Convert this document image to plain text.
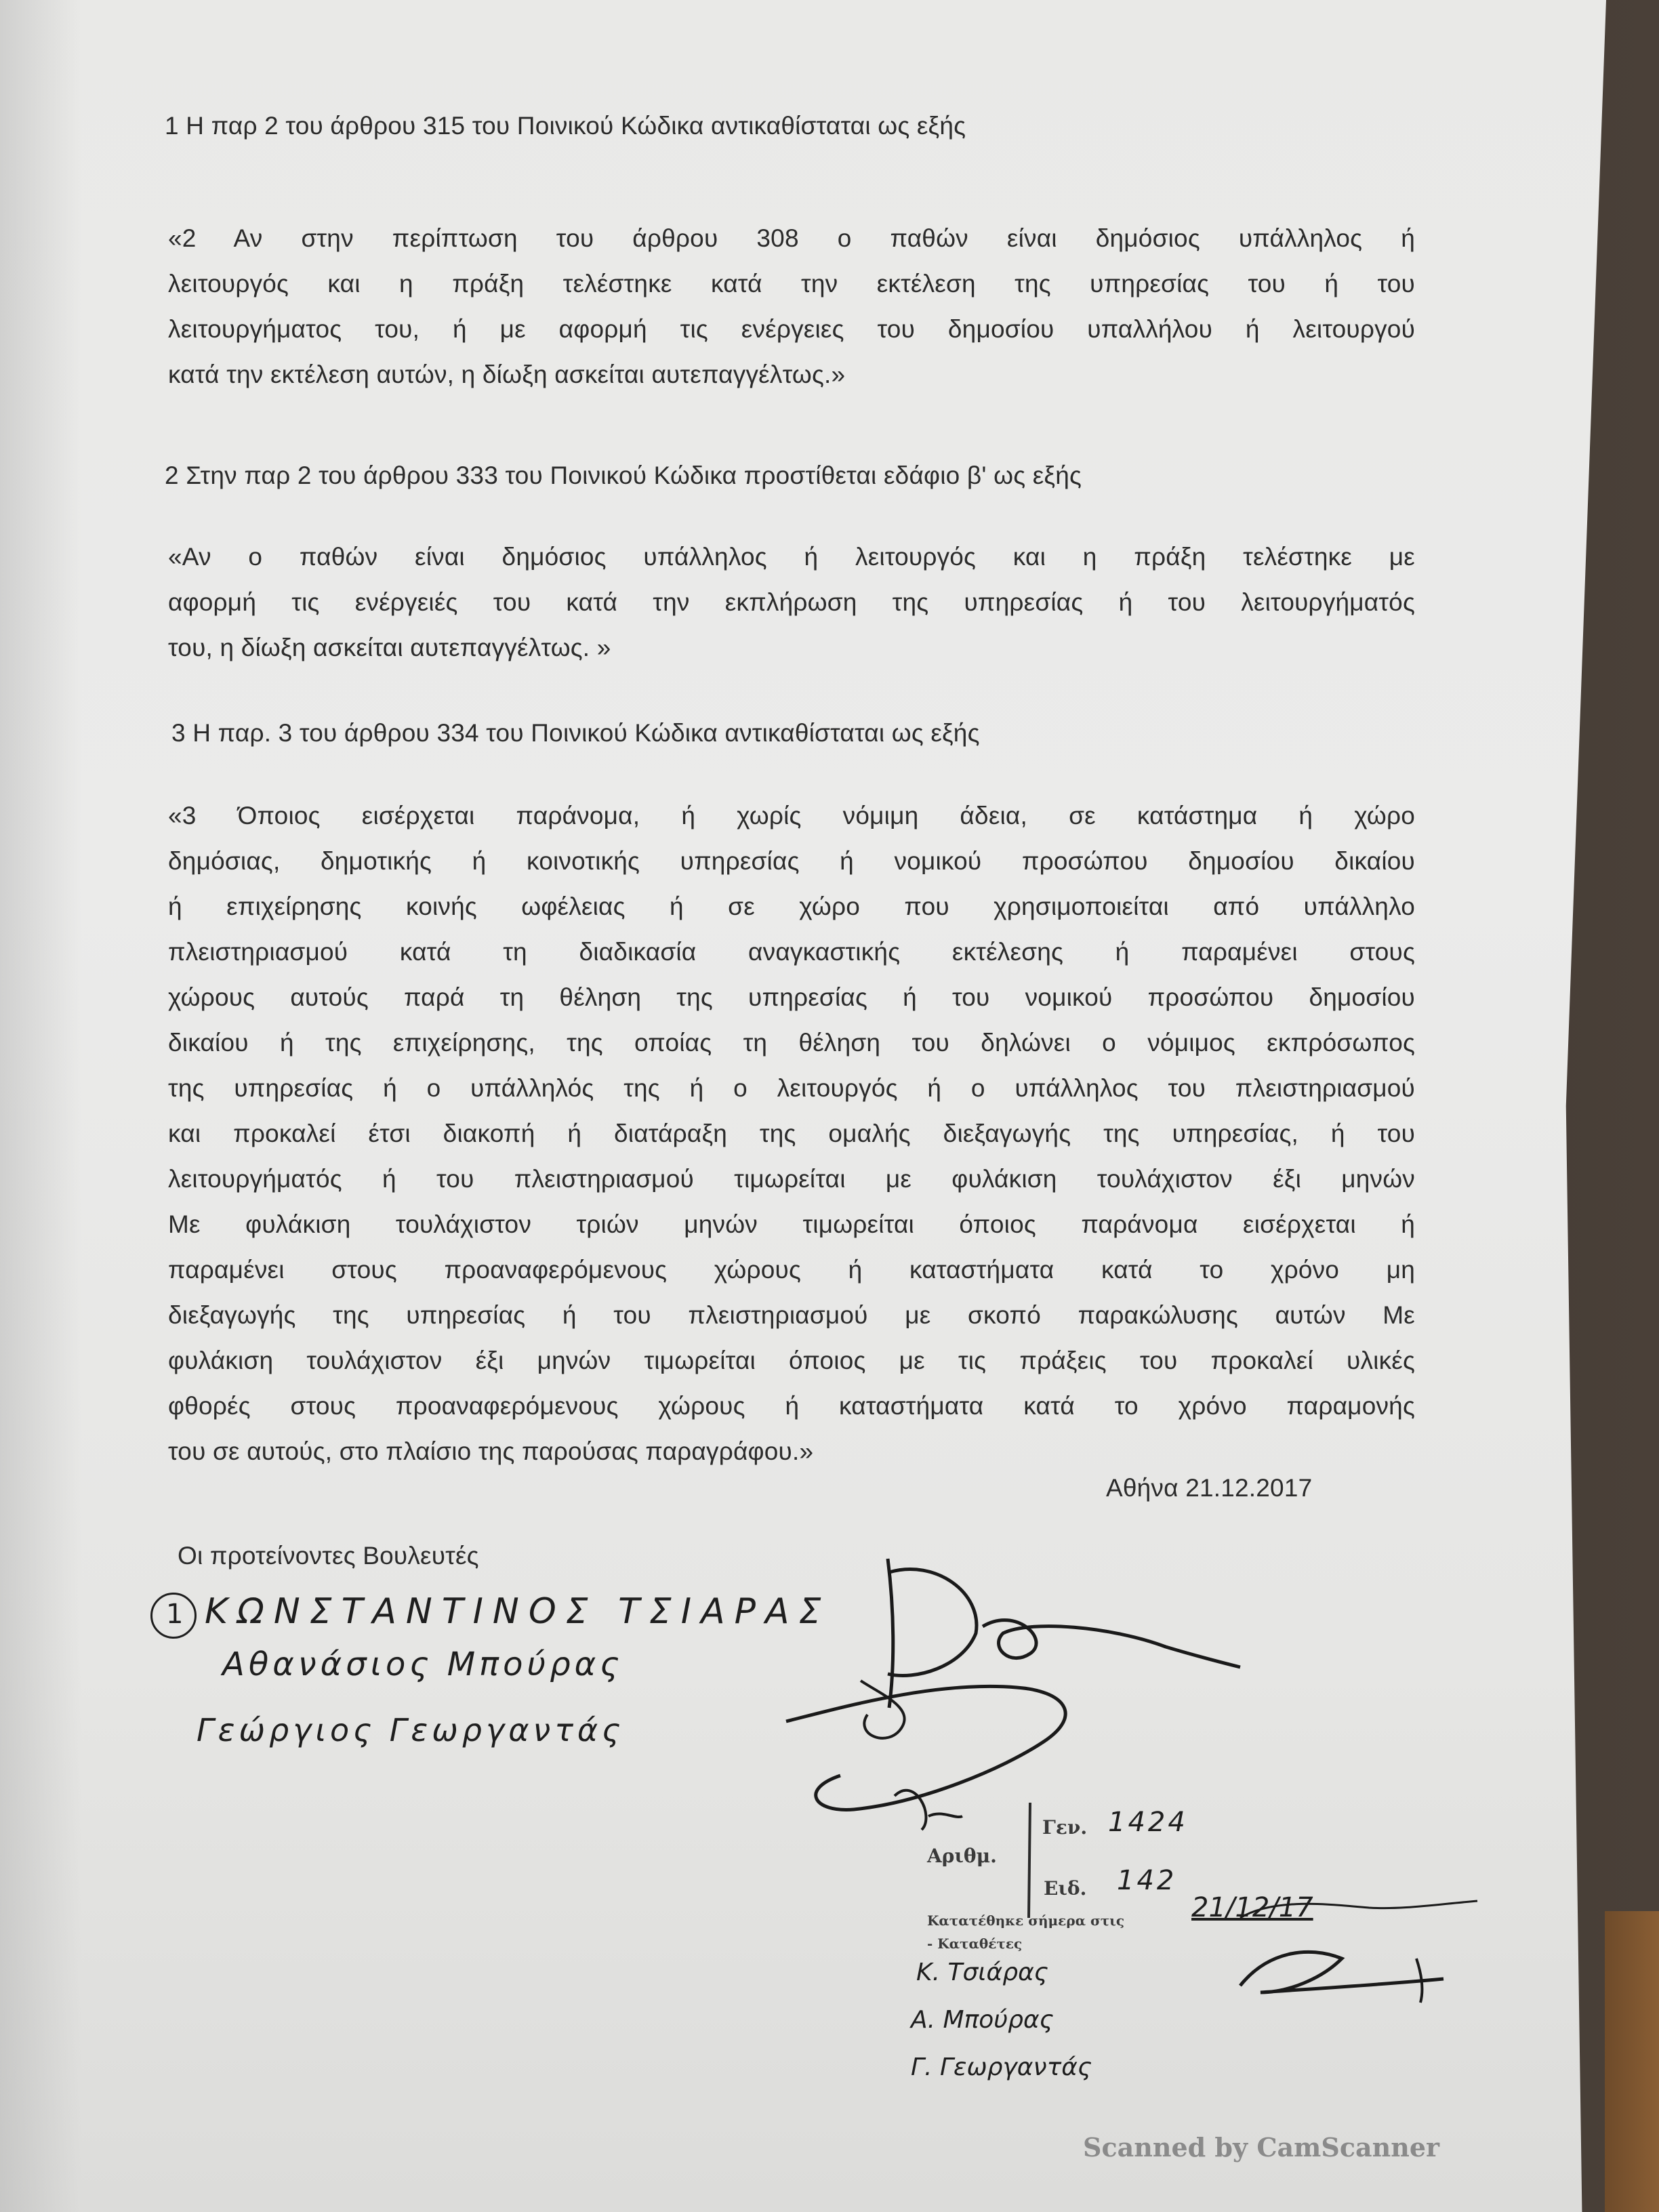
1 Η παρ 2 του άρθρου 315 του Ποινικού Κώδικα αντικαθίσταται ως εξής
«2 Αν στην περίπτωση του άρθρου 308 ο παθών είναι δημόσιος υπάλληλος ή
λειτουργός και η πράξη τελέστηκε κατά την εκτέλεση της υπηρεσίας του ή του
λειτουργήματος του, ή με αφορμή τις ενέργειες του δημοσίου υπαλλήλου ή λειτουργού
κατά την εκτέλεση αυτών, η δίωξη ασκείται αυτεπαγγέλτως.»
2 Στην παρ 2 του άρθρου 333 του Ποινικού Κώδικα προστίθεται εδάφιο β' ως εξής
«Αν ο παθών είναι δημόσιος υπάλληλος ή λειτουργός και η πράξη τελέστηκε με
αφορμή τις ενέργειές του κατά την εκπλήρωση της υπηρεσίας ή του λειτουργήματός
του, η δίωξη ασκείται αυτεπαγγέλτως. »
3 Η παρ. 3 του άρθρου 334 του Ποινικού Κώδικα αντικαθίσταται ως εξής
«3 Όποιος εισέρχεται παράνομα, ή χωρίς νόμιμη άδεια, σε κατάστημα ή χώρο
δημόσιας, δημοτικής ή κοινοτικής υπηρεσίας ή νομικού προσώπου δημοσίου δικαίου
ή επιχείρησης κοινής ωφέλειας ή σε χώρο που χρησιμοποιείται από υπάλληλο
πλειστηριασμού κατά τη διαδικασία αναγκαστικής εκτέλεσης ή παραμένει στους
χώρους αυτούς παρά τη θέληση της υπηρεσίας ή του νομικού προσώπου δημοσίου
δικαίου ή της επιχείρησης, της οποίας τη θέληση του δηλώνει ο νόμιμος εκπρόσωπος
της υπηρεσίας ή ο υπάλληλός της ή ο λειτουργός ή ο υπάλληλος του πλειστηριασμού
και προκαλεί έτσι διακοπή ή διατάραξη της ομαλής διεξαγωγής της υπηρεσίας, ή του
λειτουργήματός ή του πλειστηριασμού τιμωρείται με φυλάκιση τουλάχιστον έξι μηνών
Με φυλάκιση τουλάχιστον τριών μηνών τιμωρείται όποιος παράνομα εισέρχεται ή
παραμένει στους προαναφερόμενους χώρους ή καταστήματα κατά το χρόνο μη
διεξαγωγής της υπηρεσίας ή του πλειστηριασμού με σκοπό παρακώλυσης αυτών Με
φυλάκιση τουλάχιστον έξι μηνών τιμωρείται όποιος με τις πράξεις του προκαλεί υλικές
φθορές στους προαναφερόμενους χώρους ή καταστήματα κατά το χρόνο παραμονής
του σε αυτούς, στο πλαίσιο της παρούσας παραγράφου.»
Αθήνα 21.12.2017
Οι προτείνοντες Βουλευτές
1 ΚΩΝΣΤΑΝΤΙΝΟΣ ΤΣΙΑΡΑΣ
Αθανάσιος Μπούρας
Γεώργιος Γεωργαντάς
Αριθμ.
Γεν. 1424
Ειδ. 142
Κατατέθηκε σήμερα στις 21/12/17
- Καταθέτες
Κ. Τσιάρας
Α. Μπούρας
Γ. Γεωργαντάς
Scanned by CamScanner
